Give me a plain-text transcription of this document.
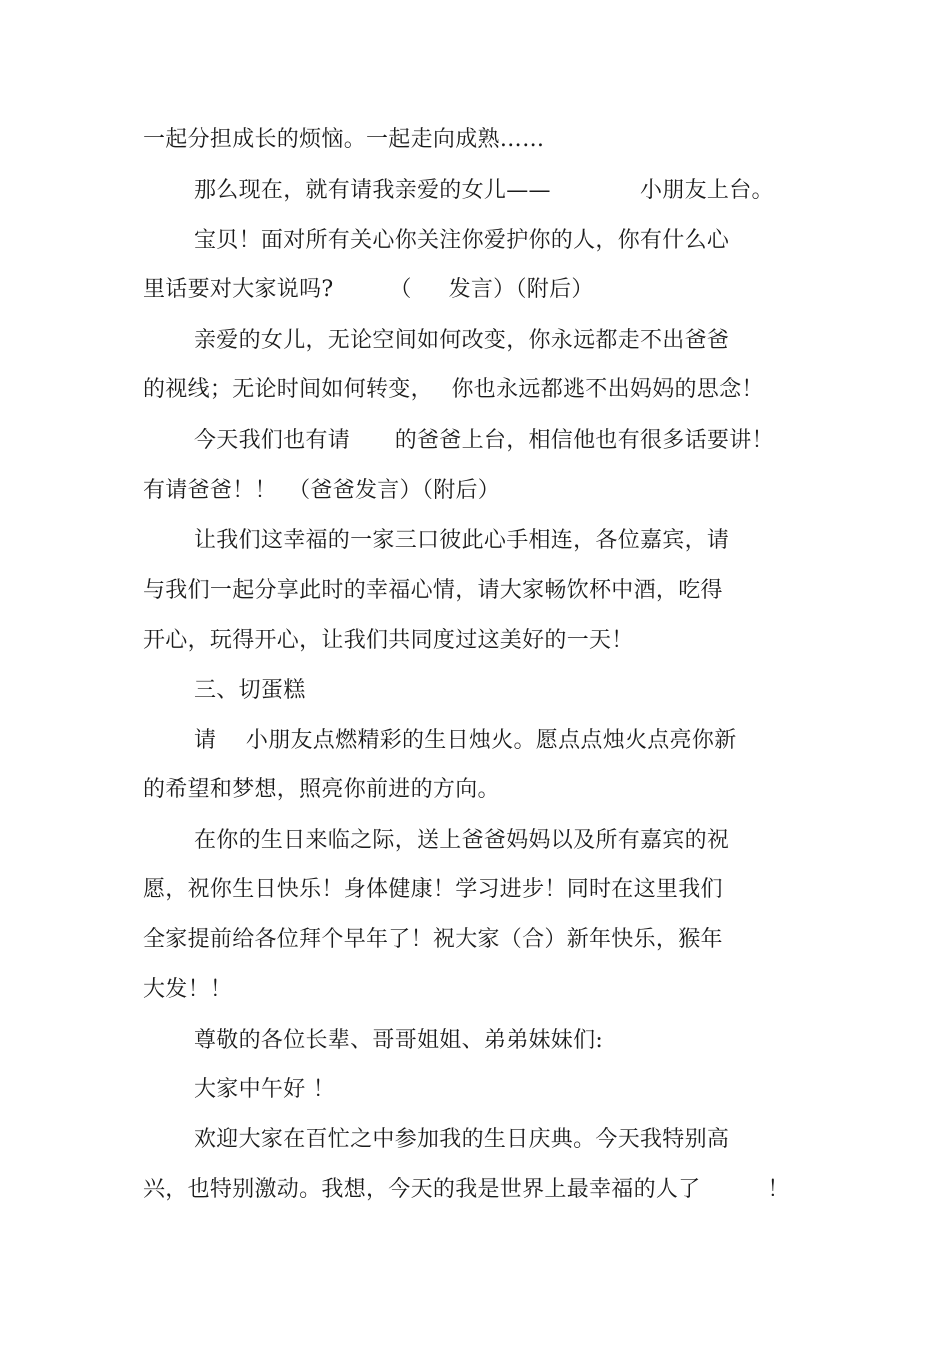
一起分担成长的烦恼。一起走向成熟……
那么现在，就有请我亲爱的女儿——　　　　小朋友上台。
宝贝！面对所有关心你关注你爱护你的人，你有什么心
里话要对大家说吗?　　　（　  发言）（附后）
亲爱的女儿，无论空间如何改变，你永远都走不出爸爸
的视线；无论时间如何转变，　 你也永远都逃不出妈妈的思念！
今天我们也有请　　的爸爸上台，相信他也有很多话要讲！
有请爸爸！！　（爸爸发言）（附后）
让我们这幸福的一家三口彼此心手相连，各位嘉宾，请
与我们一起分享此时的幸福心情，请大家畅饮杯中酒，吃得
开心，玩得开心，让我们共同度过这美好的一天！
三、切蛋糕
请　 小朋友点燃精彩的生日烛火。愿点点烛火点亮你新
的希望和梦想，照亮你前进的方向。
在你的生日来临之际，送上爸爸妈妈以及所有嘉宾的祝
愿，祝你生日快乐！身体健康！学习进步！同时在这里我们
全家提前给各位拜个早年了！祝大家（合）新年快乐，猴年
大发！！
尊敬的各位长辈、哥哥姐姐、弟弟妹妹们:
大家中午好 ！
欢迎大家在百忙之中参加我的生日庆典。今天我特别高
兴，也特别激动。我想，今天的我是世界上最幸福的人了　　　！
